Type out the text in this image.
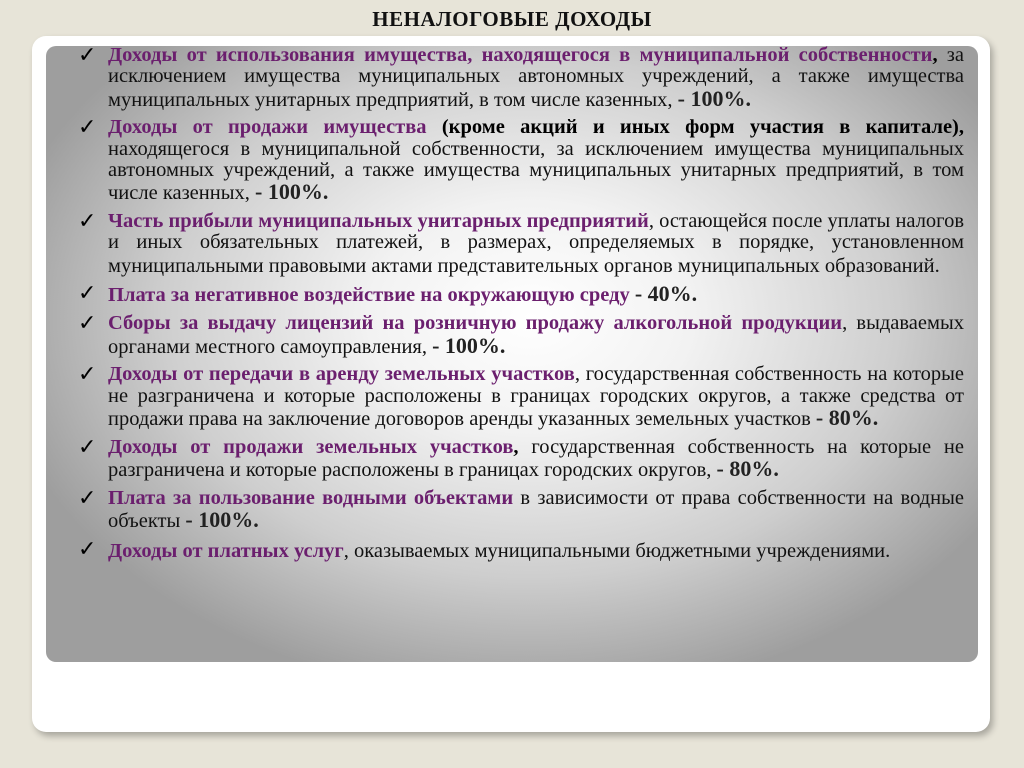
НЕНАЛОГОВЫЕ ДОХОДЫ
✓ Доходы от использования имущества, находящегося в муниципальной собственности, за исключением имущества муниципальных автономных учреждений, а также имущества муниципальных унитарных предприятий, в том числе казенных, - 100%.
✓ Доходы от продажи имущества (кроме акций и иных форм участия в капитале), находящегося в муниципальной собственности, за исключением имущества муниципальных автономных учреждений, а также имущества муниципальных унитарных предприятий, в том числе казенных, - 100%.
✓ Часть прибыли муниципальных унитарных предприятий, остающейся после уплаты налогов и иных обязательных платежей, в размерах, определяемых в порядке, установленном муниципальными правовыми актами представительных органов муниципальных образований.
✓ Плата за негативное воздействие на окружающую среду - 40%.
✓ Сборы за выдачу лицензий на розничную продажу алкогольной продукции, выдаваемых органами местного самоуправления, - 100%.
✓ Доходы от передачи в аренду земельных участков, государственная собственность на которые не разграничена и которые расположены в границах городских округов, а также средства от продажи права на заключение договоров аренды указанных земельных участков - 80%.
✓ Доходы от продажи земельных участков, государственная собственность на которые не разграничена и которые расположены в границах городских округов, - 80%.
✓ Плата за пользование водными объектами в зависимости от права собственности на водные объекты - 100%.
✓ Доходы от платных услуг, оказываемых муниципальными бюджетными учреждениями.
